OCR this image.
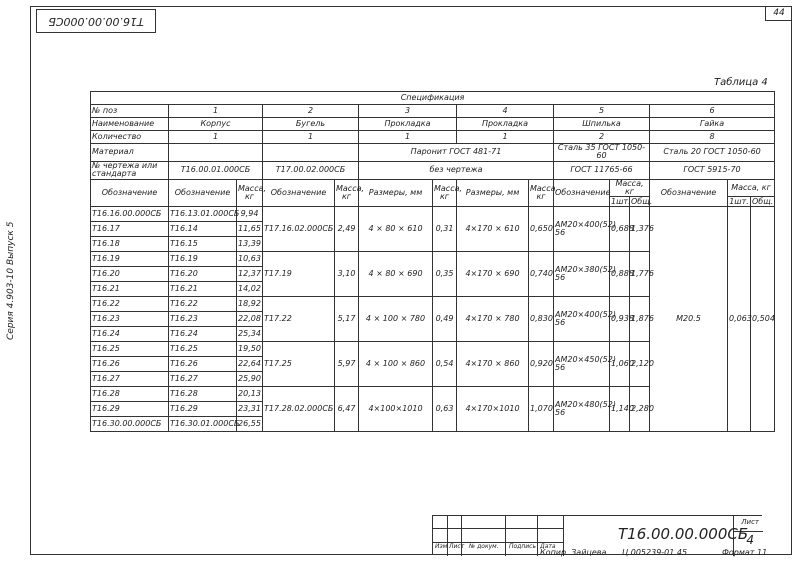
Т16.00.00.000СБ
44
Серия 4.903-10 Выпуск 5
Таблица 4
Спецификация														
№ поз	1		2		3		4		5			6		
Наименование	Корпус		Бугель		Прокладка		Прокладка		Шпилька			Гайка		
Количество	1		1		1		1		2			8		
Материал					Паронит ГОСТ 481-71				Сталь 35 ГОСТ 1050-60			Сталь 20 ГОСТ 1050-60		
№ чертежа или стандарта	Т16.00.01.000СБ		Т17.00.02.000СБ		без чертежа				ГОСТ 11765-66			ГОСТ 5915-70		
Обозначение	Обозначение	Масса, кг	Обозначение	Масса, кг	Размеры, мм	Масса, кг	Размеры, мм	Масса, кг	Обозначение	Масса, кг		Обозначение	Масса, кг	
										1шт.	Общ.		1шт.	Общ.
Т16.16.00.000СБ	Т16.13.01.000СБ	9,94	Т17.16.02.000СБ	2,49	4 × 80 × 610	0,31	4×170 × 610	0,650	АМ20×400(52) 56	0,688	1,376	М20.5	0,063	0,504
Т16.17	Т16.14	11,65												
Т16.18	Т16.15	13,39												
Т16.19	Т16.19	10,63	Т17.19	3,10	4 × 80 × 690	0,35	4×170 × 690	0,740	АМ20×380(52) 56	0,888	1,776			
Т16.20	Т16.20	12,37												
Т16.21	Т16.21	14,02												
Т16.22	Т16.22	18,92	Т17.22	5,17	4 × 100 × 780	0,49	4×170 × 780	0,830	АМ20×400(52) 56	0,938	1,876			
Т16.23	Т16.23	22,08												
Т16.24	Т16.24	25,34												
Т16.25	Т16.25	19,50	Т17.25	5,97	4 × 100 × 860	0,54	4×170 × 860	0,920	АМ20×450(52) 56	1,060	2,120			
Т16.26	Т16.26	22,64												
Т16.27	Т16.27	25,90												
Т16.28	Т16.28	20,13	Т17.28.02.000СБ	6,47	4×100×1010	0,63	4×170×1010	1,070	АМ20×480(52) 56	1,140	2,280			
Т16.29	Т16.29	23,31												
Т16.30.00.000СБ	Т16.30.01.000СБ	26,55												
Изм Лист № докум. Подпись Дата
Т16.00.00.000СБ
Лист
4
Копир. Зайцева Ц.005239-01 45	Формат 11
